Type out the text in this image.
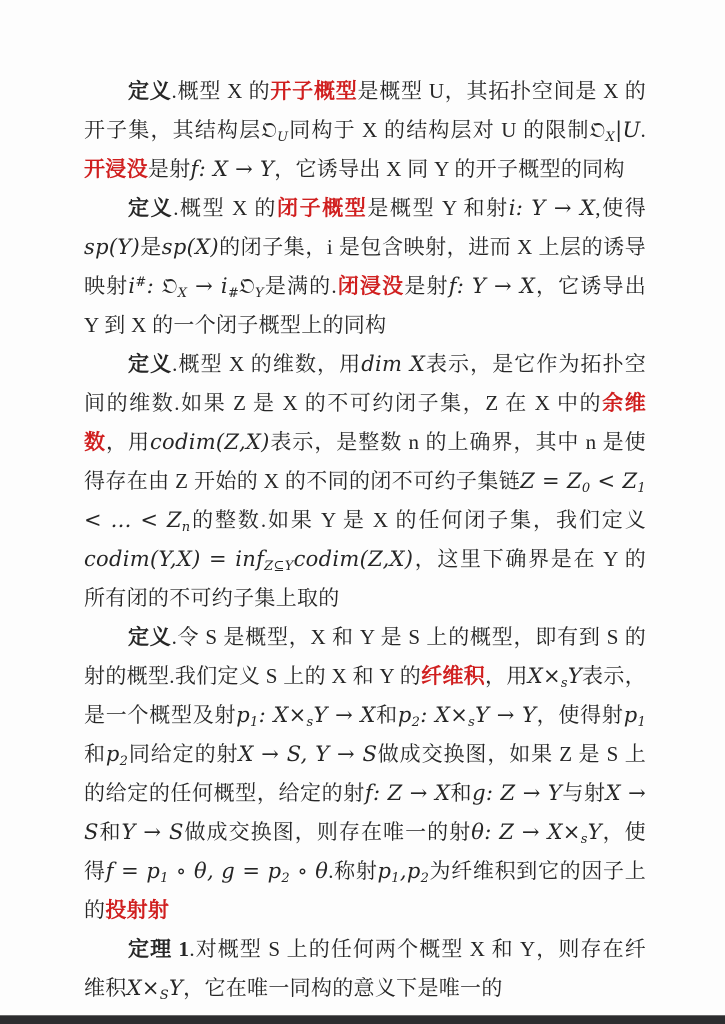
定义.概型 X 的开子概型是概型 U，其拓扑空间是 X 的开子集，其结构层𝔒U同构于 X 的结构层对 U 的限制𝔒X|U.开浸没是射f: X → Y，它诱导出 X 同 Y 的开子概型的同构

定义.概型 X 的闭子概型是概型 Y 和射i: Y → X,使得sp(Y)是sp(X)的闭子集，i 是包含映射，进而 X 上层的诱导映射i#: 𝔒X → i#𝔒Y是满的.闭浸没是射f: Y → X，它诱导出 Y 到 X 的一个闭子概型上的同构

定义.概型 X 的维数，用dim X表示，是它作为拓扑空间的维数.如果 Z 是 X 的不可约闭子集，Z 在 X 中的余维数，用codim(Z,X)表示，是整数 n 的上确界，其中 n 是使得存在由 Z 开始的 X 的不同的闭不可约子集链Z = Z0 < Z1 < … < Zn的整数.如果 Y 是 X 的任何闭子集，我们定义codim(Y,X) = infZ⊆Ycodim(Z,X)，这里下确界是在 Y 的所有闭的不可约子集上取的

定义.令 S 是概型，X 和 Y 是 S 上的概型，即有到 S 的射的概型.我们定义 S 上的 X 和 Y 的纤维积，用X×sY表示，是一个概型及射p1: X×sY → X和p2: X×sY → Y，使得射p1和p2同给定的射X → S, Y → S做成交换图，如果 Z 是 S 上的给定的任何概型，给定的射f: Z → X和g: Z → Y与射X → S和Y → S做成交换图，则存在唯一的射θ: Z → X×sY，使得f = p1 ∘ θ, g = p2 ∘ θ.称射p1,p2为纤维积到它的因子上的投射射

定理 1.对概型 S 上的任何两个概型 X 和 Y，则存在纤维积X×SY，它在唯一同构的意义下是唯一的
